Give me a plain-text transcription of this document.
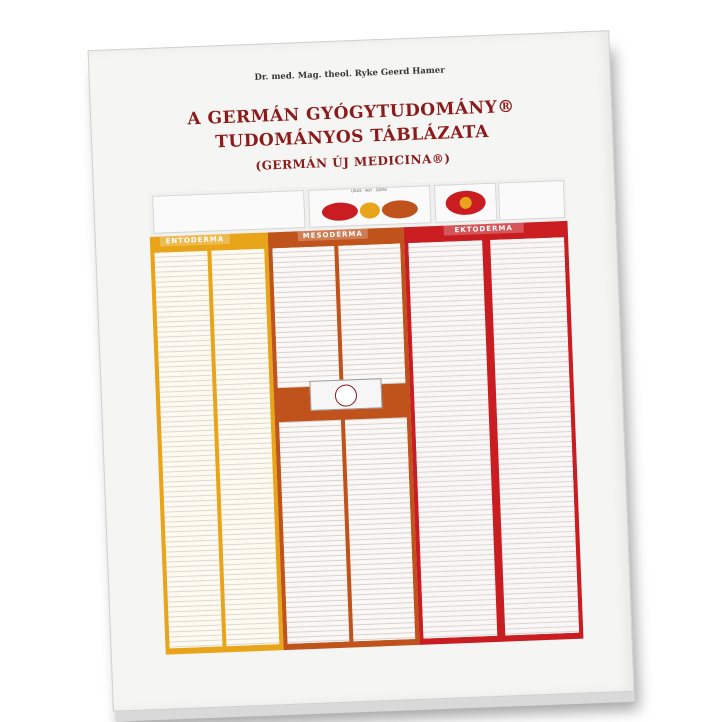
Dr. med. Mag. theol. Ryke Geerd Hamer
A GERMÁN GYÓGYTUDOMÁNY®
TUDOMÁNYOS TÁBLÁZATA
(GERMÁN ÚJ MEDICINA®)
LÉLEK - AGY - SZERV
ENTODERMA
MESODERMA
EKTODERMA
